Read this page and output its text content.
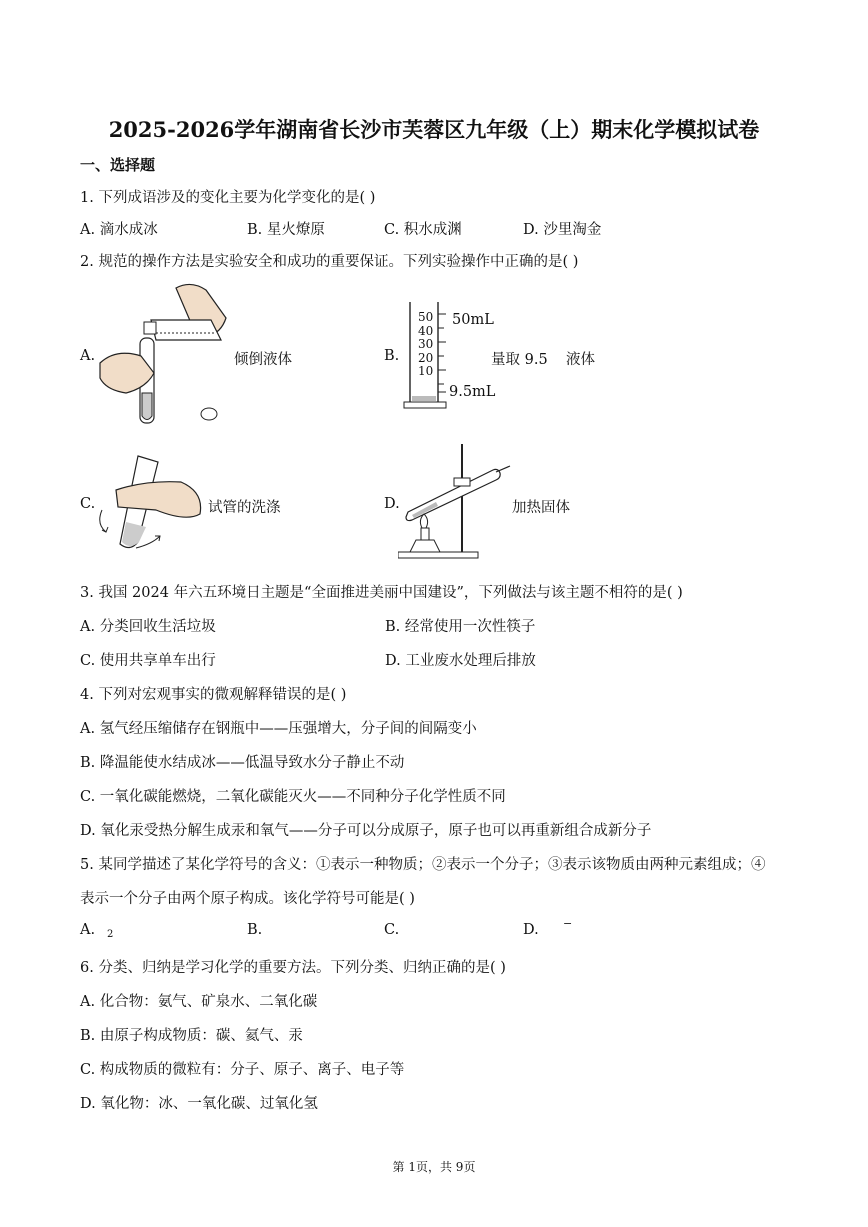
2025-2026学年湖南省长沙市芙蓉区九年级（上）期末化学模拟试卷
一、选择题
1. 下列成语涉及的变化主要为化学变化的是( )
A. 滴水成冰	B. 星火燎原	C. 积水成渊	D. 沙里淘金
2. 规范的操作方法是实验安全和成功的重要保证。下列实验操作中正确的是( )
A.	倾倒液体	B.
50
40
30
20
10
50mL
9.5mL
量取 9.5 液体
C.	试管的洗涤	D.	加热固体
3. 我国 2024 年六五环境日主题是“全面推进美丽中国建设”，下列做法与该主题不相符的是( )
A. 分类回收生活垃圾	B. 经常使用一次性筷子
C. 使用共享单车出行	D. 工业废水处理后排放
4. 下列对宏观事实的微观解释错误的是( )
A. 氢气经压缩储存在钢瓶中——压强增大，分子间的间隔变小
B. 降温能使水结成冰——低温导致水分子静止不动
C. 一氧化碳能燃烧，二氧化碳能灭火——不同种分子化学性质不同
D. 氧化汞受热分解生成汞和氧气——分子可以分成原子，原子也可以再重新组合成新分子
5. 某同学描述了某化学符号的含义：①表示一种物质；②表示一个分子；③表示该物质由两种元素组成；④
表示一个分子由两个原子构成。该化学符号可能是( )
A. 2	B.	C.	D. −
6. 分类、归纳是学习化学的重要方法。下列分类、归纳正确的是( )
A. 化合物：氨气、矿泉水、二氧化碳
B. 由原子构成物质：碳、氦气、汞
C. 构成物质的微粒有：分子、原子、离子、电子等
D. 氧化物：冰、一氧化碳、过氧化氢
第 1页，共 9页
